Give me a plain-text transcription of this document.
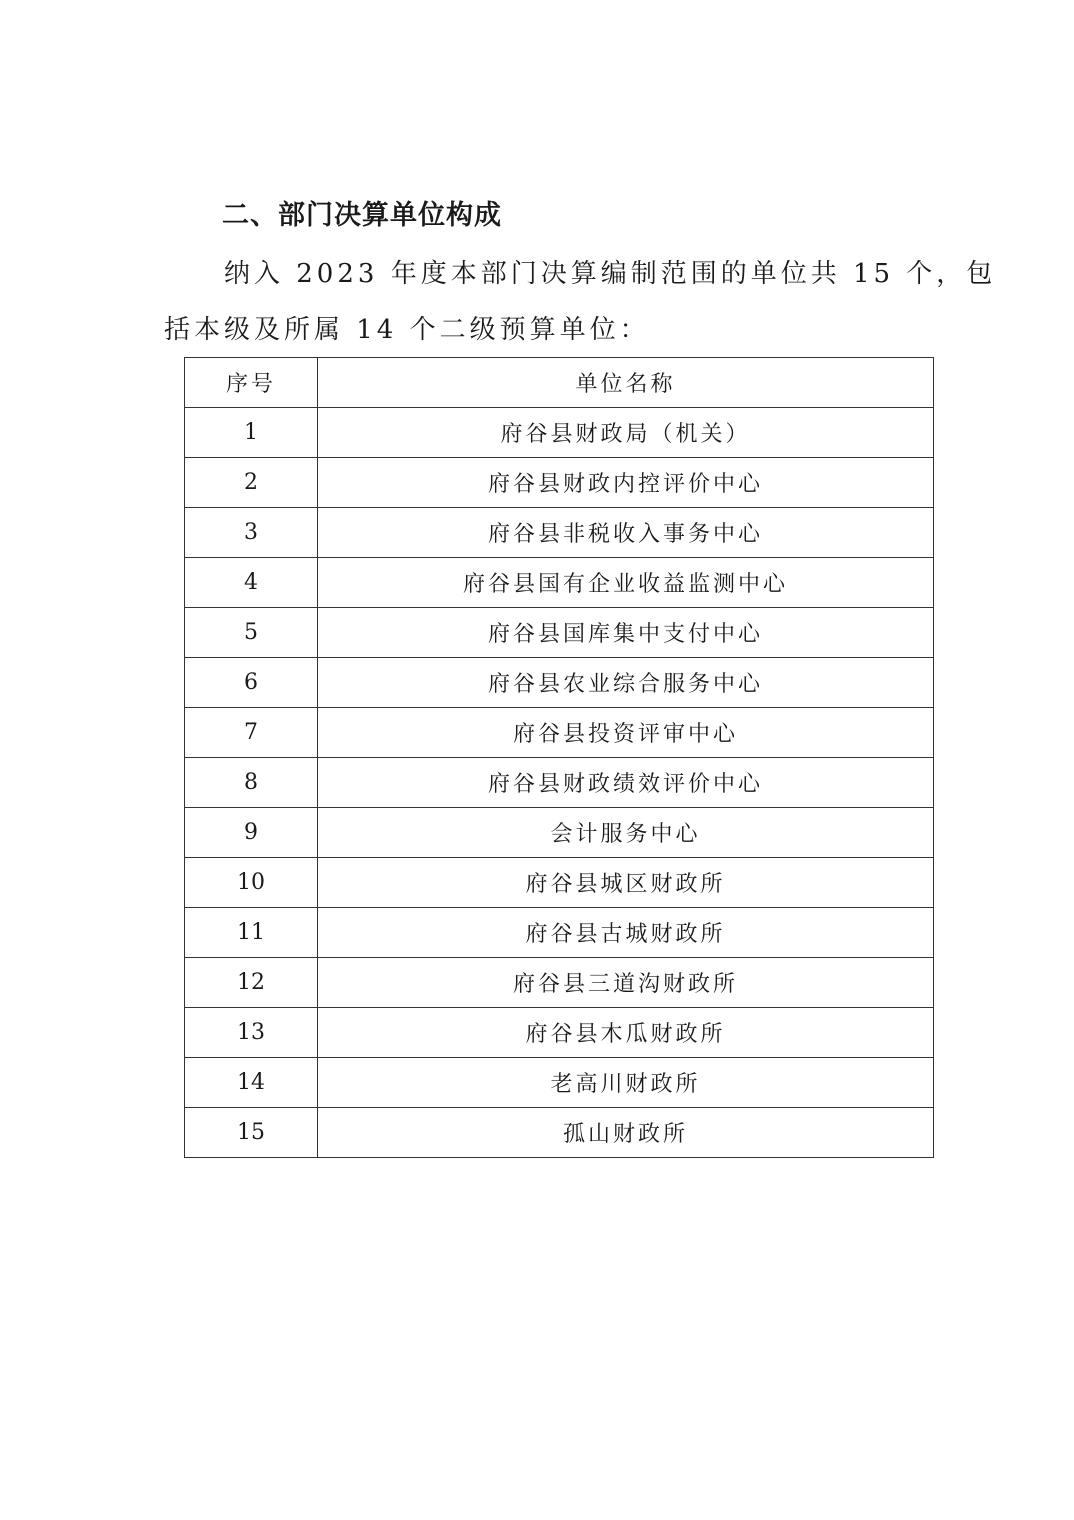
二、部门决算单位构成
纳入 2023 年度本部门决算编制范围的单位共 15 个，包
括本级及所属 14 个二级预算单位：
序号	单位名称
1	府谷县财政局（机关）
2	府谷县财政内控评价中心
3	府谷县非税收入事务中心
4	府谷县国有企业收益监测中心
5	府谷县国库集中支付中心
6	府谷县农业综合服务中心
7	府谷县投资评审中心
8	府谷县财政绩效评价中心
9	会计服务中心
10	府谷县城区财政所
11	府谷县古城财政所
12	府谷县三道沟财政所
13	府谷县木瓜财政所
14	老高川财政所
15	孤山财政所
